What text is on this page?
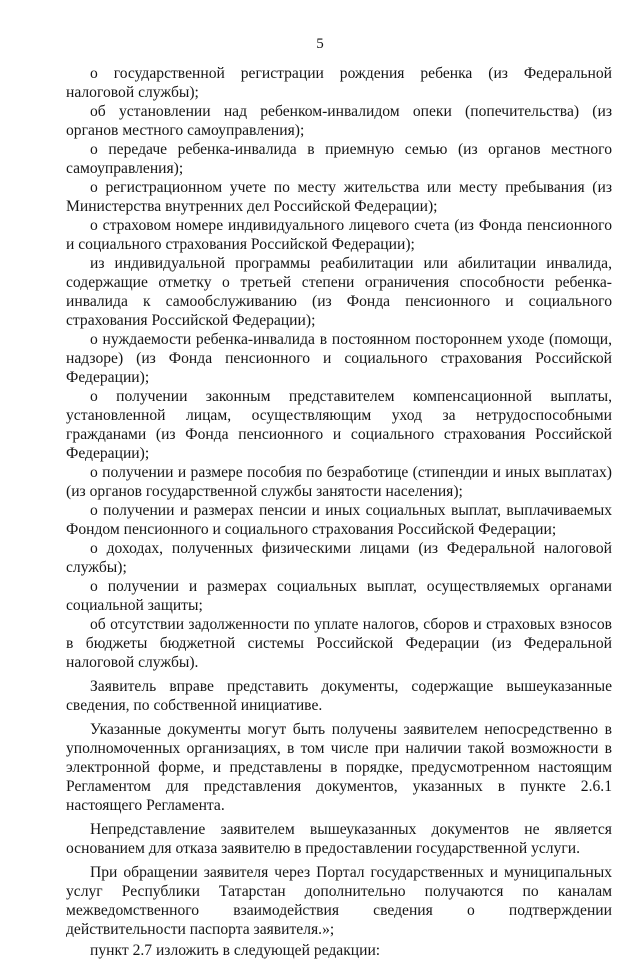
5

о государственной регистрации рождения ребенка (из Федеральной налоговой службы);

об установлении над ребенком-инвалидом опеки (попечительства) (из органов местного самоуправления);

о передаче ребенка-инвалида в приемную семью (из органов местного самоуправления);

о регистрационном учете по месту жительства или месту пребывания (из Министерства внутренних дел Российской Федерации);

о страховом номере индивидуального лицевого счета (из Фонда пенсионного и социального страхования Российской Федерации);

из индивидуальной программы реабилитации или абилитации инвалида, содержащие отметку о третьей степени ограничения способности ребенка-инвалида к самообслуживанию (из Фонда пенсионного и социального страхования Российской Федерации);

о нуждаемости ребенка-инвалида в постоянном постороннем уходе (помощи, надзоре) (из Фонда пенсионного и социального страхования Российской Федерации);

о получении законным представителем компенсационной выплаты, установленной лицам, осуществляющим уход за нетрудоспособными гражданами (из Фонда пенсионного и социального страхования Российской Федерации);

о получении и размере пособия по безработице (стипендии и иных выплатах) (из органов государственной службы занятости населения);

о получении и размерах пенсии и иных социальных выплат, выплачиваемых Фондом пенсионного и социального страхования Российской Федерации;

о доходах, полученных физическими лицами (из Федеральной налоговой службы);

о получении и размерах социальных выплат, осуществляемых органами социальной защиты;

об отсутствии задолженности по уплате налогов, сборов и страховых взносов в бюджеты бюджетной системы Российской Федерации (из Федеральной налоговой службы).

Заявитель вправе представить документы, содержащие вышеуказанные сведения, по собственной инициативе.

Указанные документы могут быть получены заявителем непосредственно в уполномоченных организациях, в том числе при наличии такой возможности в электронной форме, и представлены в порядке, предусмотренном настоящим Регламентом для представления документов, указанных в пункте 2.6.1 настоящего Регламента.

Непредставление заявителем вышеуказанных документов не является основанием для отказа заявителю в предоставлении государственной услуги.

При обращении заявителя через Портал государственных и муниципальных услуг Республики Татарстан дополнительно получаются по каналам межведомственного взаимодействия сведения о подтверждении действительности паспорта заявителя.»;

пункт 2.7 изложить в следующей редакции:
